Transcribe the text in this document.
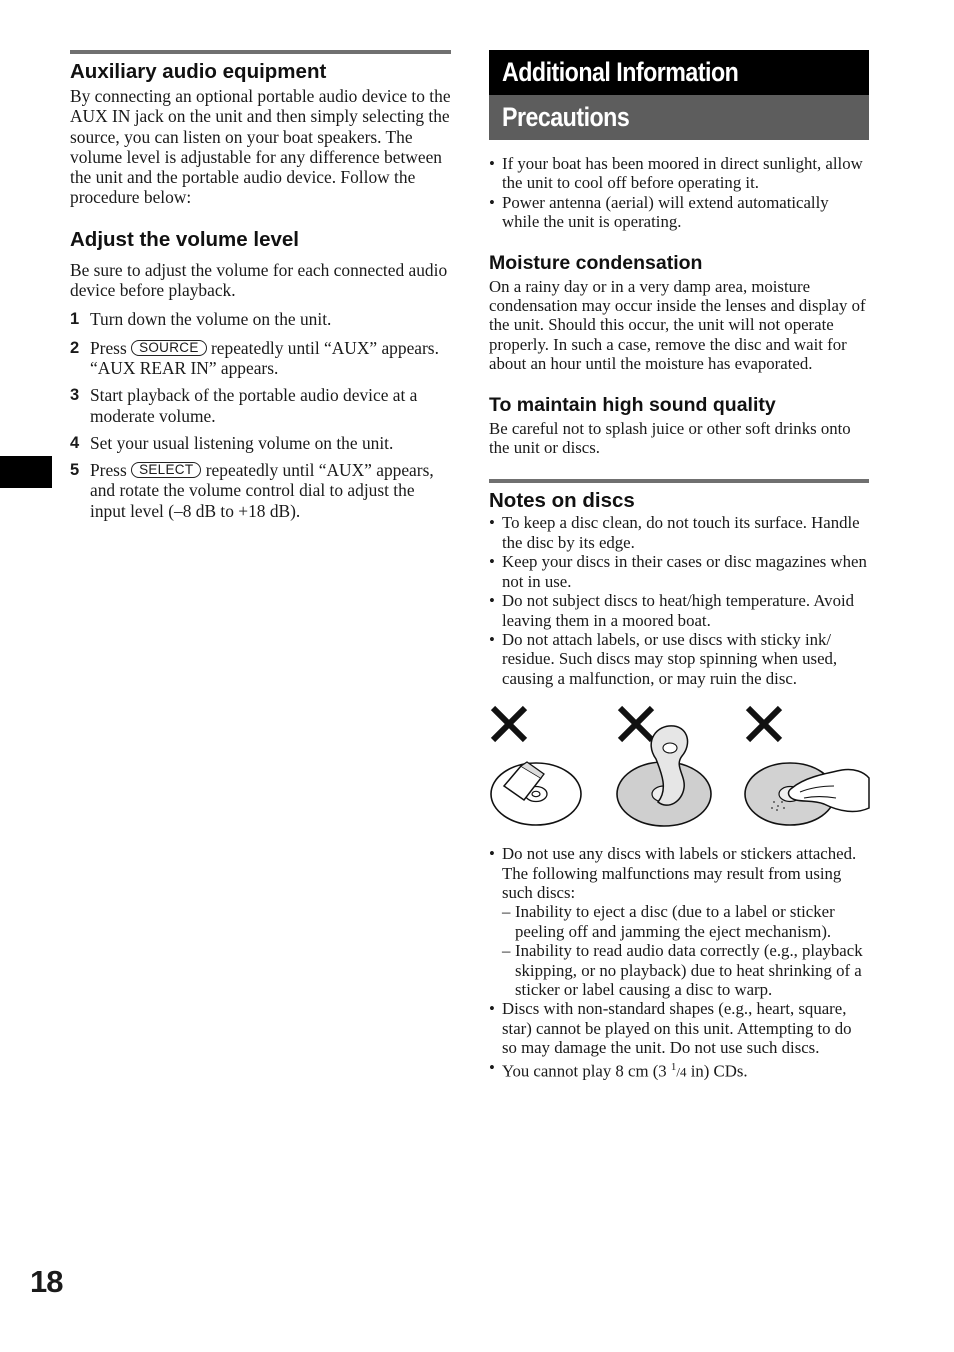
Auxiliary audio equipment

By connecting an optional portable audio device to the AUX IN jack on the unit and then simply selecting the source, you can listen on your boat speakers. The volume level is adjustable for any difference between the unit and the portable audio device. Follow the procedure below:

Adjust the volume level

Be sure to adjust the volume for each connected audio device before playback.

1 Turn down the volume on the unit.
2 Press SOURCE repeatedly until “AUX” appears.
“AUX REAR IN” appears.
3 Start playback of the portable audio device at a moderate volume.
4 Set your usual listening volume on the unit.
5 Press SELECT repeatedly until “AUX” appears, and rotate the volume control dial to adjust the input level (–8 dB to +18 dB).
Additional Information
Precautions
• If your boat has been moored in direct sunlight, allow the unit to cool off before operating it.
• Power antenna (aerial) will extend automatically while the unit is operating.
Moisture condensation

On a rainy day or in a very damp area, moisture condensation may occur inside the lenses and display of the unit. Should this occur, the unit will not operate properly. In such a case, remove the disc and wait for about an hour until the moisture has evaporated.

To maintain high sound quality

Be careful not to splash juice or other soft drinks onto the unit or discs.

Notes on discs
• To keep a disc clean, do not touch its surface. Handle the disc by its edge.
• Keep your discs in their cases or disc magazines when not in use.
• Do not subject discs to heat/high temperature. Avoid leaving them in a moored boat.
• Do not attach labels, or use discs with sticky ink/ residue. Such discs may stop spinning when used, causing a malfunction, or may ruin the disc.
• Do not use any discs with labels or stickers attached.
The following malfunctions may result from using such discs:
– Inability to eject a disc (due to a label or sticker peeling off and jamming the eject mechanism).
– Inability to read audio data correctly (e.g., playback skipping, or no playback) due to heat shrinking of a sticker or label causing a disc to warp.
• Discs with non-standard shapes (e.g., heart, square, star) cannot be played on this unit. Attempting to do so may damage the unit. Do not use such discs.
• You cannot play 8 cm (3 $^1$/4 in) CDs.
18
